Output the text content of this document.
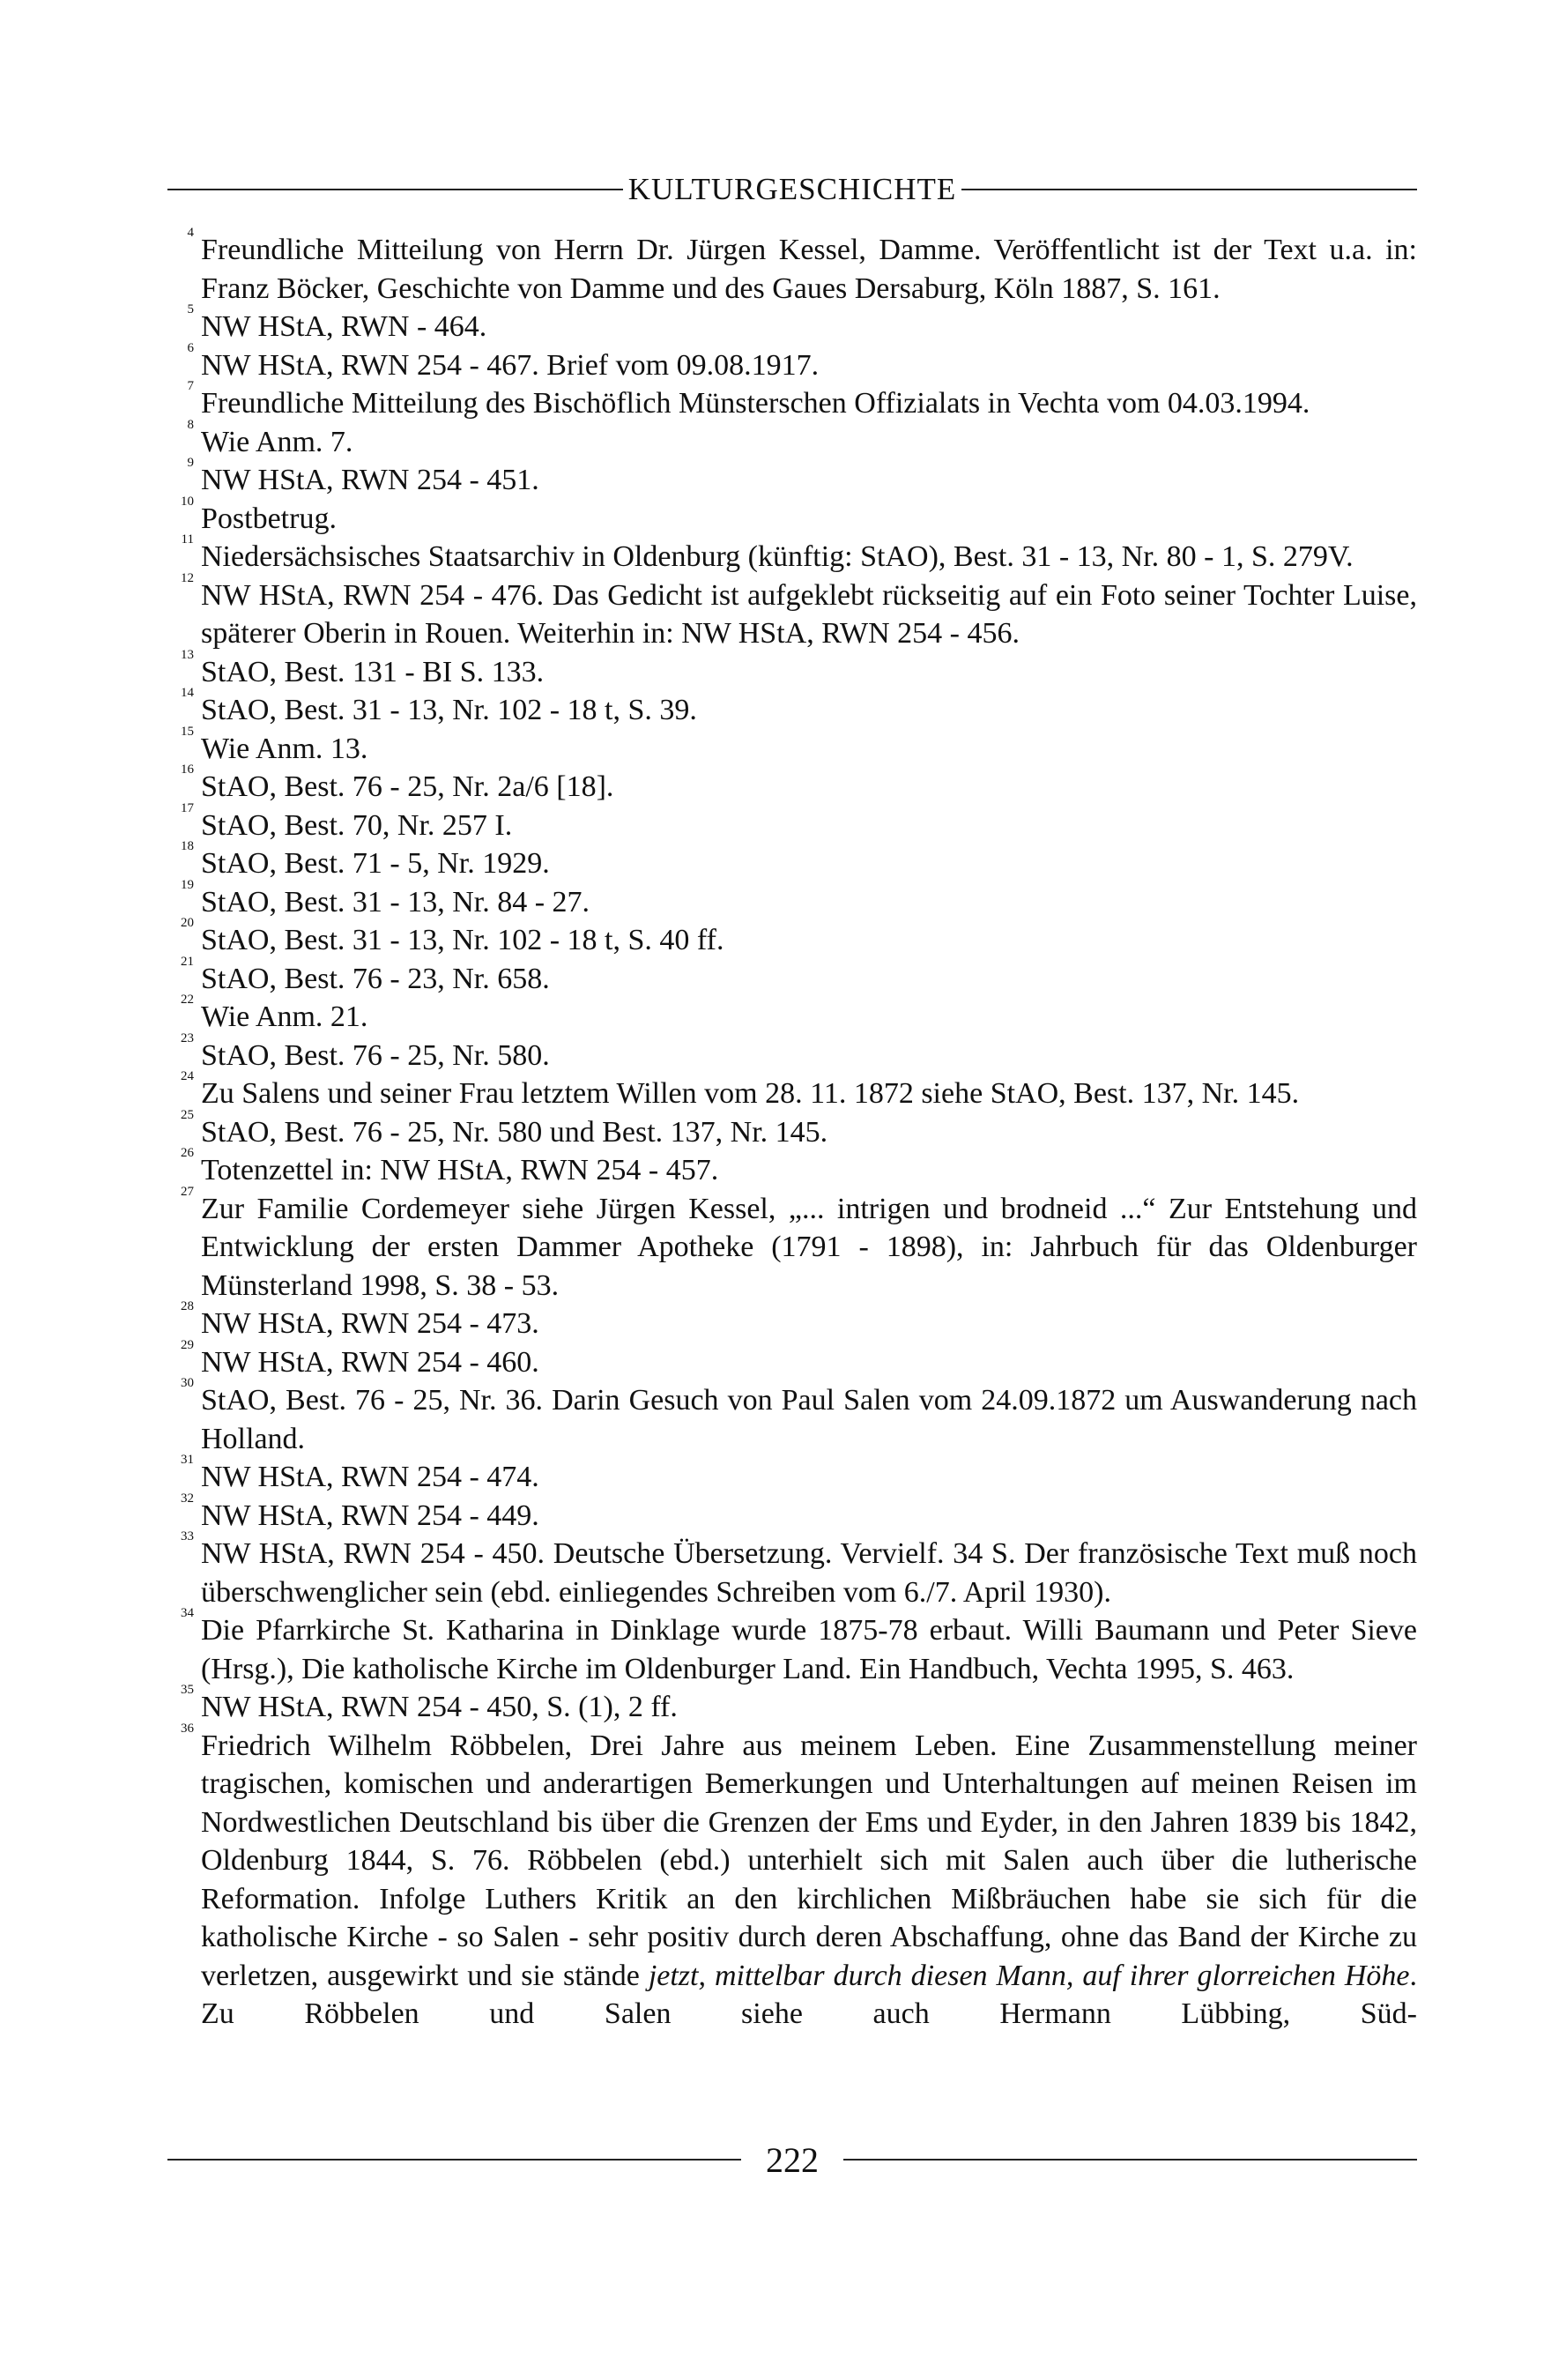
KULTURGESCHICHTE
4
Freundliche Mitteilung von Herrn Dr. Jürgen Kessel, Damme. Veröffentlicht ist der Text u.a. in: Franz Böcker, Geschichte von Damme und des Gaues Dersaburg, Köln 1887, S. 161.
5
NW HStA, RWN - 464.
6
NW HStA, RWN 254 - 467. Brief vom 09.08.1917.
7
Freundliche Mitteilung des Bischöflich Münsterschen Offizialats in Vechta vom 04.03.1994.
8
Wie Anm. 7.
9
NW HStA, RWN 254 - 451.
10
Postbetrug.
11
Niedersächsisches Staatsarchiv in Oldenburg (künftig: StAO), Best. 31 - 13, Nr. 80 - 1, S. 279V.
12
NW HStA, RWN 254 - 476. Das Gedicht ist aufgeklebt rückseitig auf ein Foto seiner Tochter Luise, späterer Oberin in Rouen. Weiterhin in: NW HStA, RWN 254 - 456.
13
StAO, Best. 131 - BI S. 133.
14
StAO, Best. 31 - 13, Nr. 102 - 18 t, S. 39.
15
Wie Anm. 13.
16
StAO, Best. 76 - 25, Nr. 2a/6 [18].
17
StAO, Best. 70, Nr. 257 I.
18
StAO, Best. 71 - 5, Nr. 1929.
19
StAO, Best. 31 - 13, Nr. 84 - 27.
20
StAO, Best. 31 - 13, Nr. 102 - 18 t, S. 40 ff.
21
StAO, Best. 76 - 23, Nr. 658.
22
Wie Anm. 21.
23
StAO, Best. 76 - 25, Nr. 580.
24
Zu Salens und seiner Frau letztem Willen vom 28. 11. 1872 siehe StAO, Best. 137, Nr. 145.
25
StAO, Best. 76 - 25, Nr. 580 und Best. 137, Nr. 145.
26
Totenzettel in: NW HStA, RWN 254 - 457.
27
Zur Familie Cordemeyer siehe Jürgen Kessel, „... intrigen und brodneid ...“ Zur Entstehung und Entwicklung der ersten Dammer Apotheke (1791 - 1898), in: Jahrbuch für das Oldenburger Münsterland 1998, S. 38 - 53.
28
NW HStA, RWN 254 - 473.
29
NW HStA, RWN 254 - 460.
30
StAO, Best. 76 - 25, Nr. 36. Darin Gesuch von Paul Salen vom 24.09.1872 um Auswanderung nach Holland.
31
NW HStA, RWN 254 - 474.
32
NW HStA, RWN 254 - 449.
33
NW HStA, RWN 254 - 450. Deutsche Übersetzung. Vervielf. 34 S. Der französische Text muß noch überschwenglicher sein (ebd. einliegendes Schreiben vom 6./7. April 1930).
34
Die Pfarrkirche St. Katharina in Dinklage wurde 1875-78 erbaut. Willi Baumann und Peter Sieve (Hrsg.), Die katholische Kirche im Oldenburger Land. Ein Handbuch, Vechta 1995, S. 463.
35
NW HStA, RWN 254 - 450, S. (1), 2 ff.
36
Friedrich Wilhelm Röbbelen, Drei Jahre aus meinem Leben. Eine Zusammenstellung meiner tragischen, komischen und anderartigen Bemerkungen und Unterhaltungen auf meinen Reisen im Nordwestlichen Deutschland bis über die Grenzen der Ems und Eyder, in den Jahren 1839 bis 1842, Oldenburg 1844, S. 76. Röbbelen (ebd.) unterhielt sich mit Salen auch über die lutherische Reformation. Infolge Luthers Kritik an den kirchlichen Mißbräuchen habe sie sich für die katholische Kirche - so Salen - sehr positiv durch deren Abschaffung, ohne das Band der Kirche zu verletzen, ausgewirkt und sie stände jetzt, mittelbar durch diesen Mann, auf ihrer glorreichen Höhe. Zu Röbbelen und Salen siehe auch Hermann Lübbing, Süd-
222
